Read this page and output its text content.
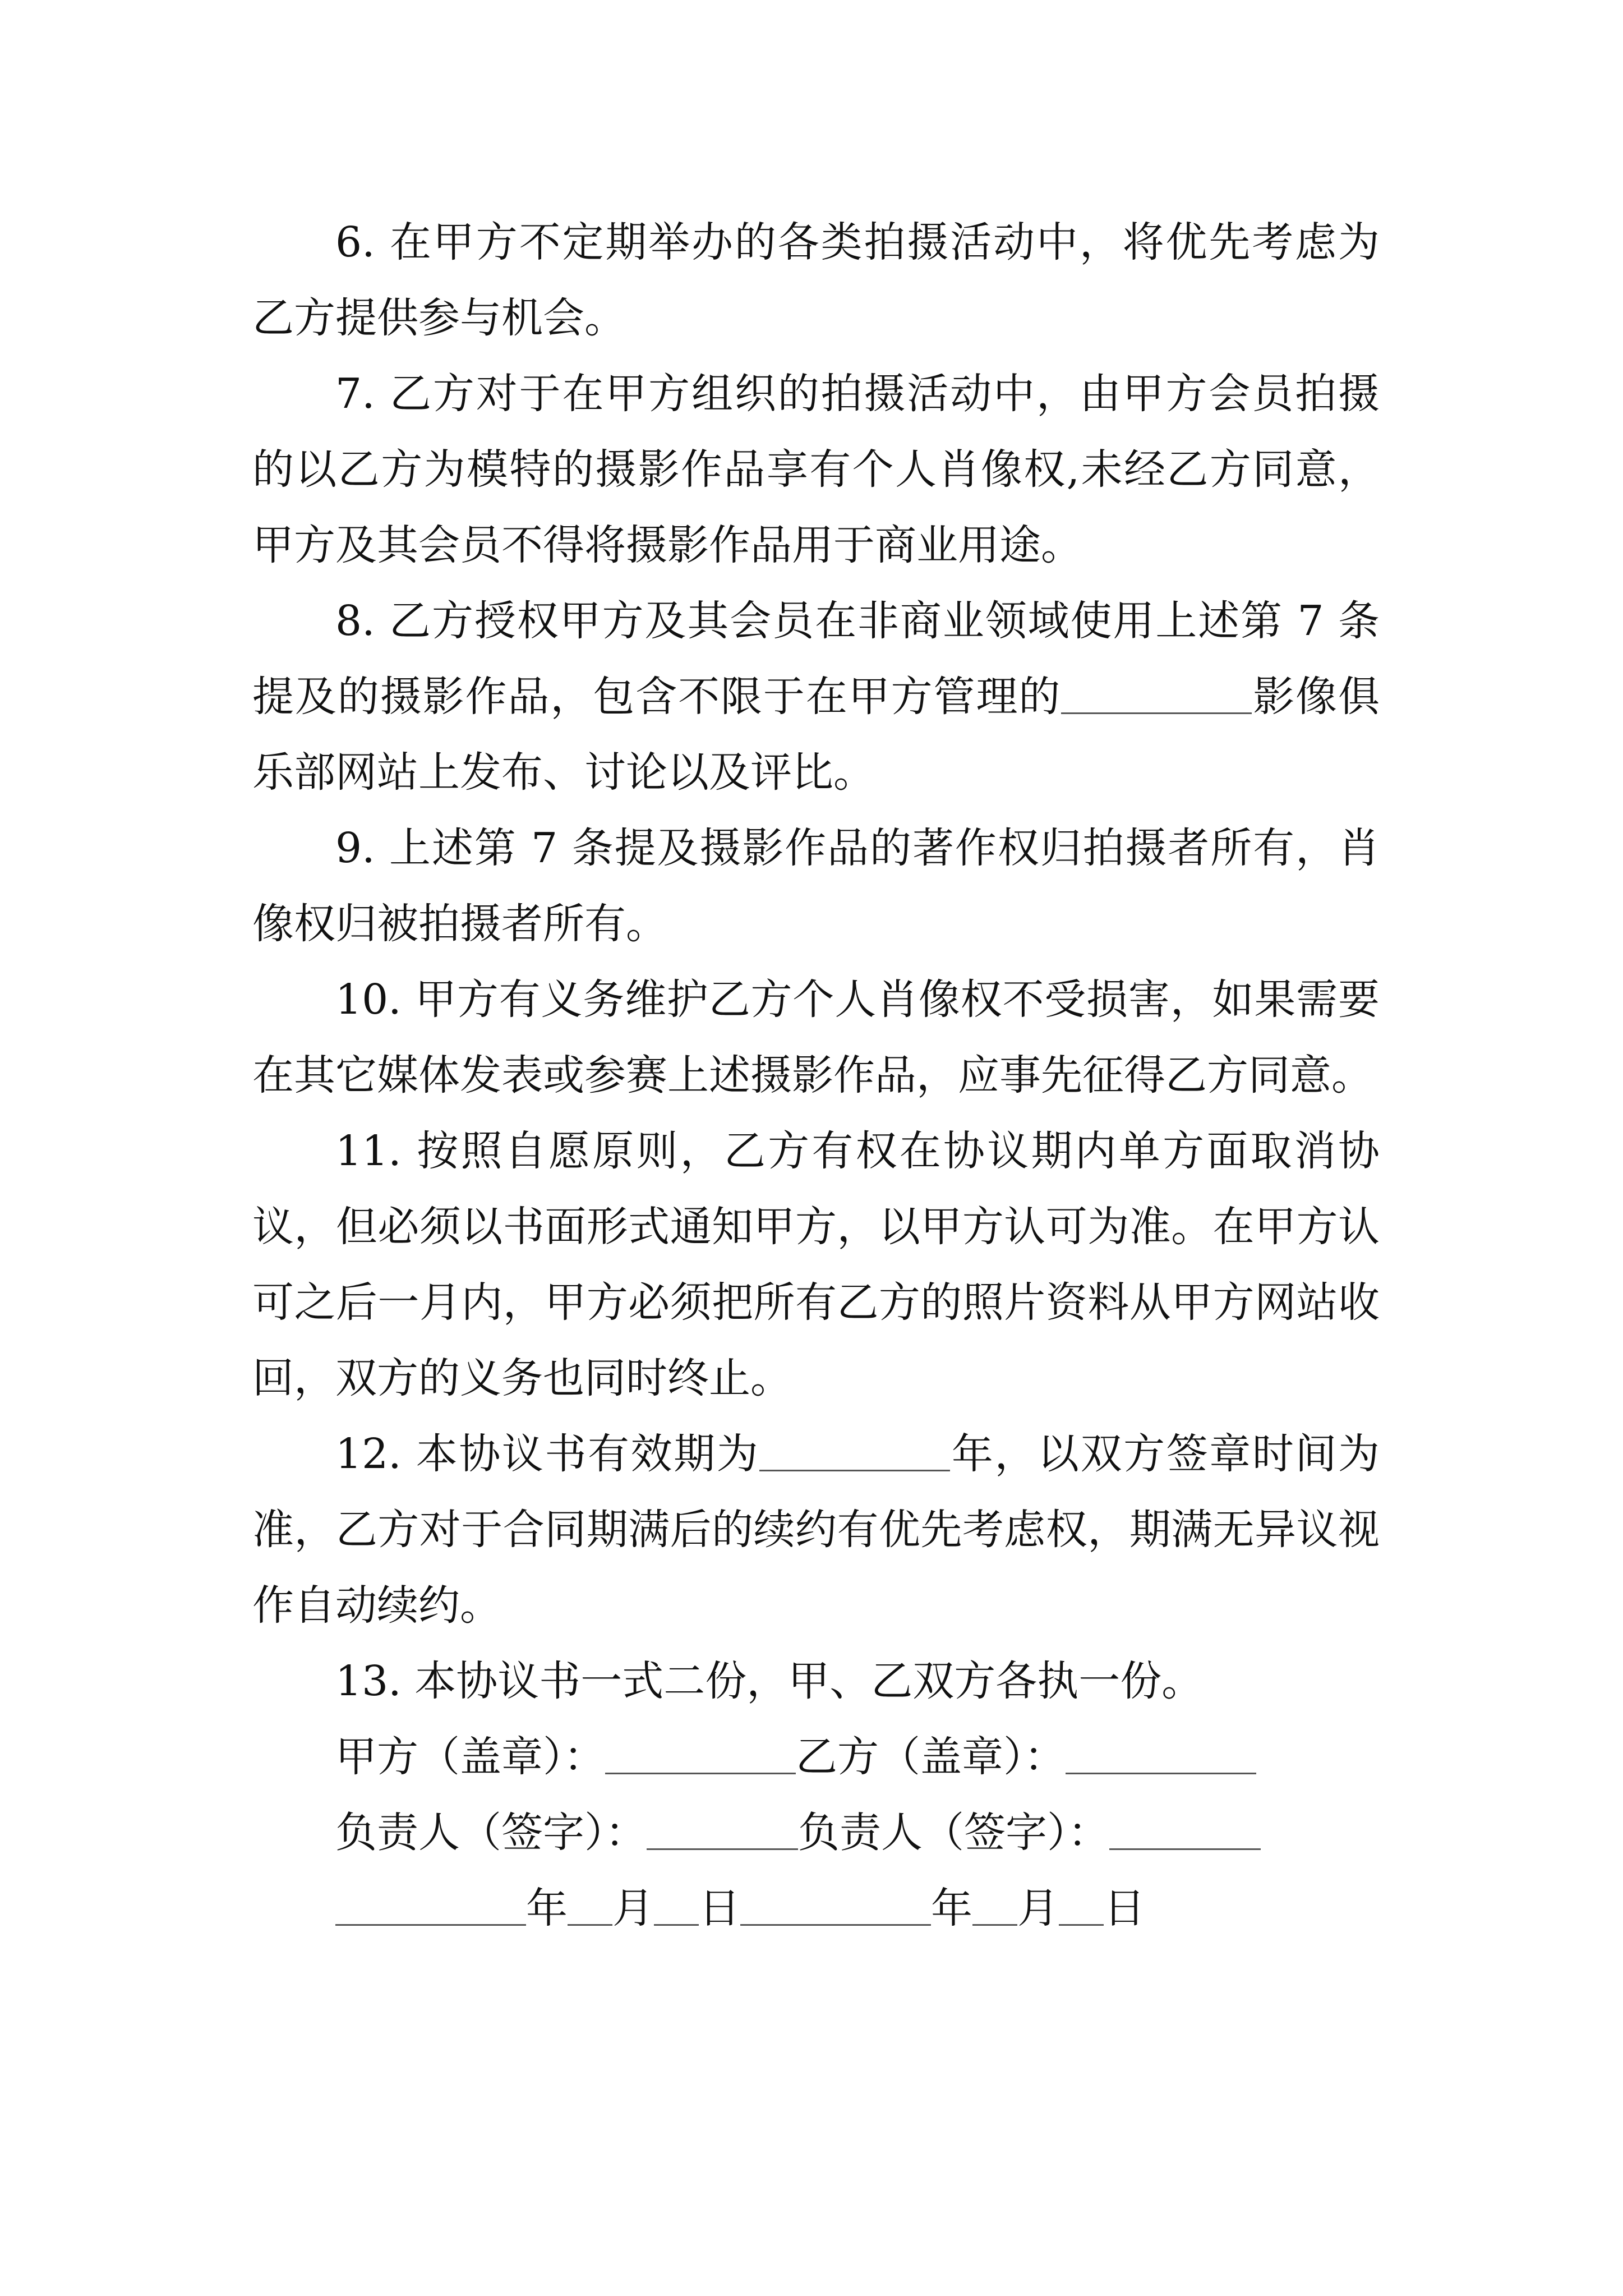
6. 在甲方不定期举办的各类拍摄活动中，将优先考虑为乙方提供参与机会。

7. 乙方对于在甲方组织的拍摄活动中，由甲方会员拍摄的以乙方为模特的摄影作品享有个人肖像权,未经乙方同意，甲方及其会员不得将摄影作品用于商业用途。

8. 乙方授权甲方及其会员在非商业领域使用上述第 7 条提及的摄影作品，包含不限于在甲方管理的	影像俱乐部网站上发布、讨论以及评比。

9. 上述第 7 条提及摄影作品的著作权归拍摄者所有，肖像权归被拍摄者所有。

10. 甲方有义务维护乙方个人肖像权不受损害，如果需要在其它媒体发表或参赛上述摄影作品，应事先征得乙方同意。

11. 按照自愿原则，乙方有权在协议期内单方面取消协议，但必须以书面形式通知甲方，以甲方认可为准。在甲方认可之后一月内，甲方必须把所有乙方的照片资料从甲方网站收回，双方的义务也同时终止。

12. 本协议书有效期为	年，以双方签章时间为准，乙方对于合同期满后的续约有优先考虑权，期满无异议视作自动续约。

13. 本协议书一式二份，甲、乙双方各执一份。

甲方（盖章）：	乙方（盖章）：

负责人（签字）：	负责人（签字）：

年 月 日	年 月 日
